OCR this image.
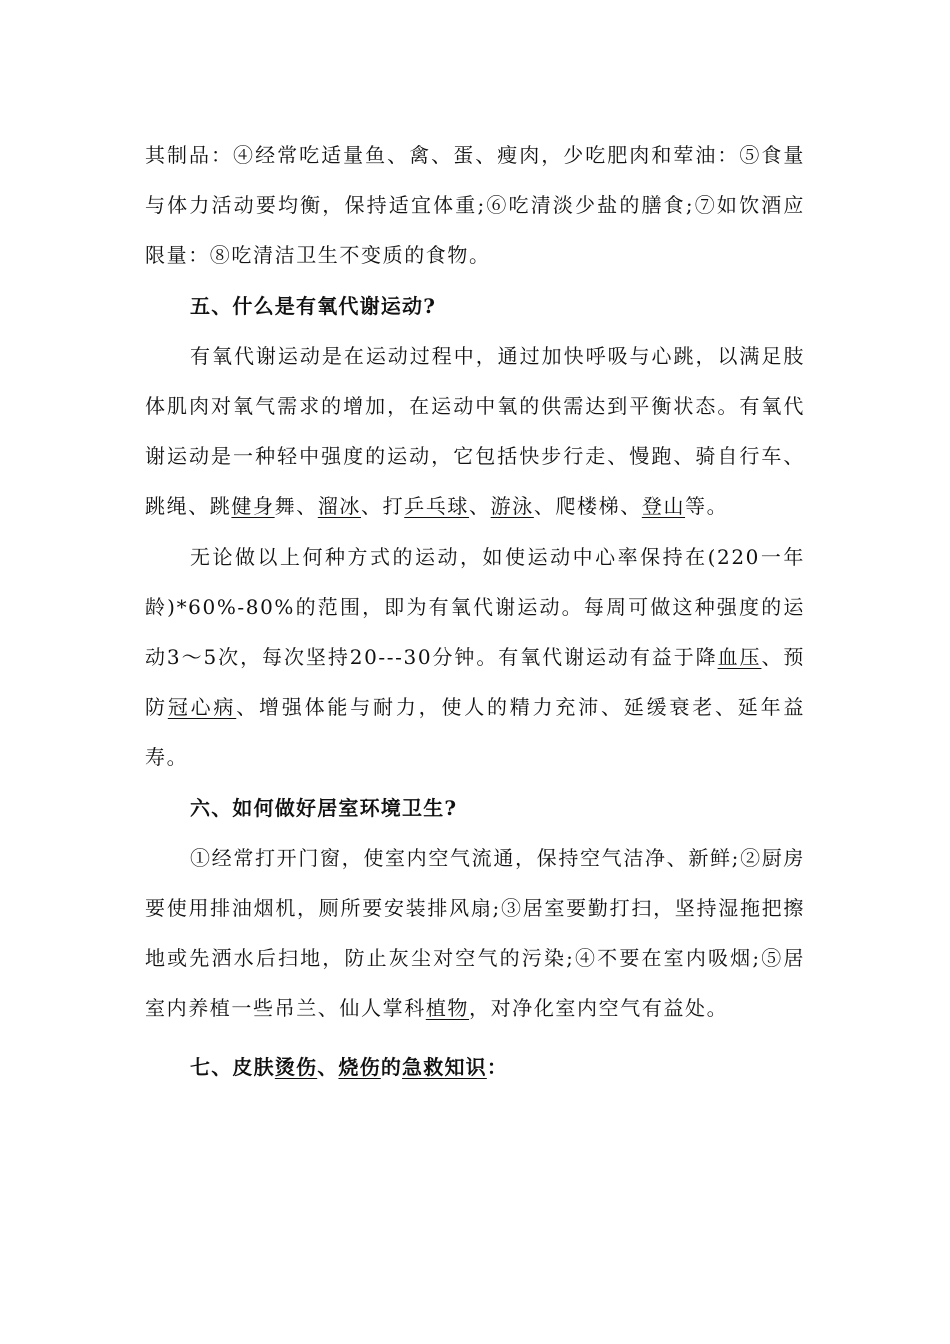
其制品：④经常吃适量鱼、禽、蛋、瘦肉，少吃肥肉和荤油：⑤食量与体力活动要均衡，保持适宜体重;⑥吃清淡少盐的膳食;⑦如饮酒应限量：⑧吃清洁卫生不变质的食物。

五、什么是有氧代谢运动?

有氧代谢运动是在运动过程中，通过加快呼吸与心跳，以满足肢体肌肉对氧气需求的增加，在运动中氧的供需达到平衡状态。有氧代谢运动是一种轻中强度的运动，它包括快步行走、慢跑、骑自行车、跳绳、跳健身舞、溜冰、打乒乓球、游泳、爬楼梯、登山等。

无论做以上何种方式的运动，如使运动中心率保持在(220一年龄)*60%-80%的范围，即为有氧代谢运动。每周可做这种强度的运动3～5次，每次坚持20---30分钟。有氧代谢运动有益于降血压、预防冠心病、增强体能与耐力，使人的精力充沛、延缓衰老、延年益寿。

六、如何做好居室环境卫生?

①经常打开门窗，使室内空气流通，保持空气洁净、新鲜;②厨房要使用排油烟机，厕所要安装排风扇;③居室要勤打扫，坚持湿拖把擦地或先洒水后扫地，防止灰尘对空气的污染;④不要在室内吸烟;⑤居室内养植一些吊兰、仙人掌科植物，对净化室内空气有益处。

七、皮肤烫伤、烧伤的急救知识：
